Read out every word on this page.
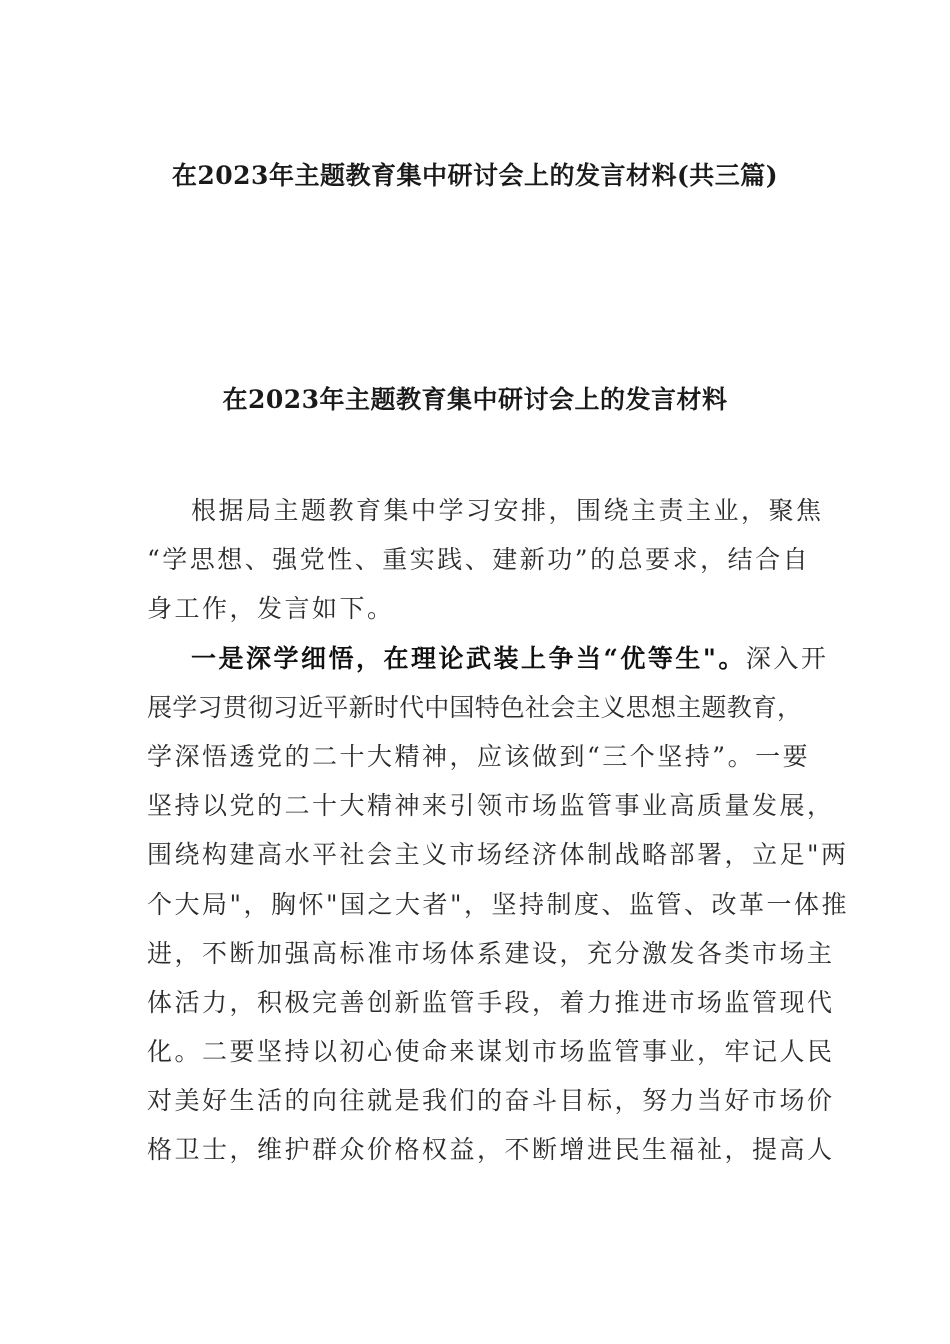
在2023年主题教育集中研讨会上的发言材料(共三篇)
在2023年主题教育集中研讨会上的发言材料
根据局主题教育集中学习安排，围绕主责主业，聚焦
“学思想、强党性、重实践、建新功”的总要求，结合自
身工作，发言如下。
一是深学细悟，在理论武装上争当“优等生"。深入开
展学习贯彻习近平新时代中国特色社会主义思想主题教育，
学深悟透党的二十大精神，应该做到“三个坚持”。一要
坚持以党的二十大精神来引领市场监管事业高质量发展，
围绕构建高水平社会主义市场经济体制战略部署，立足"两
个大局"，胸怀"国之大者"，坚持制度、监管、改革一体推
进，不断加强高标准市场体系建设，充分激发各类市场主
体活力，积极完善创新监管手段，着力推进市场监管现代
化。二要坚持以初心使命来谋划市场监管事业，牢记人民
对美好生活的向往就是我们的奋斗目标，努力当好市场价
格卫士，维护群众价格权益，不断增进民生福祉，提高人
